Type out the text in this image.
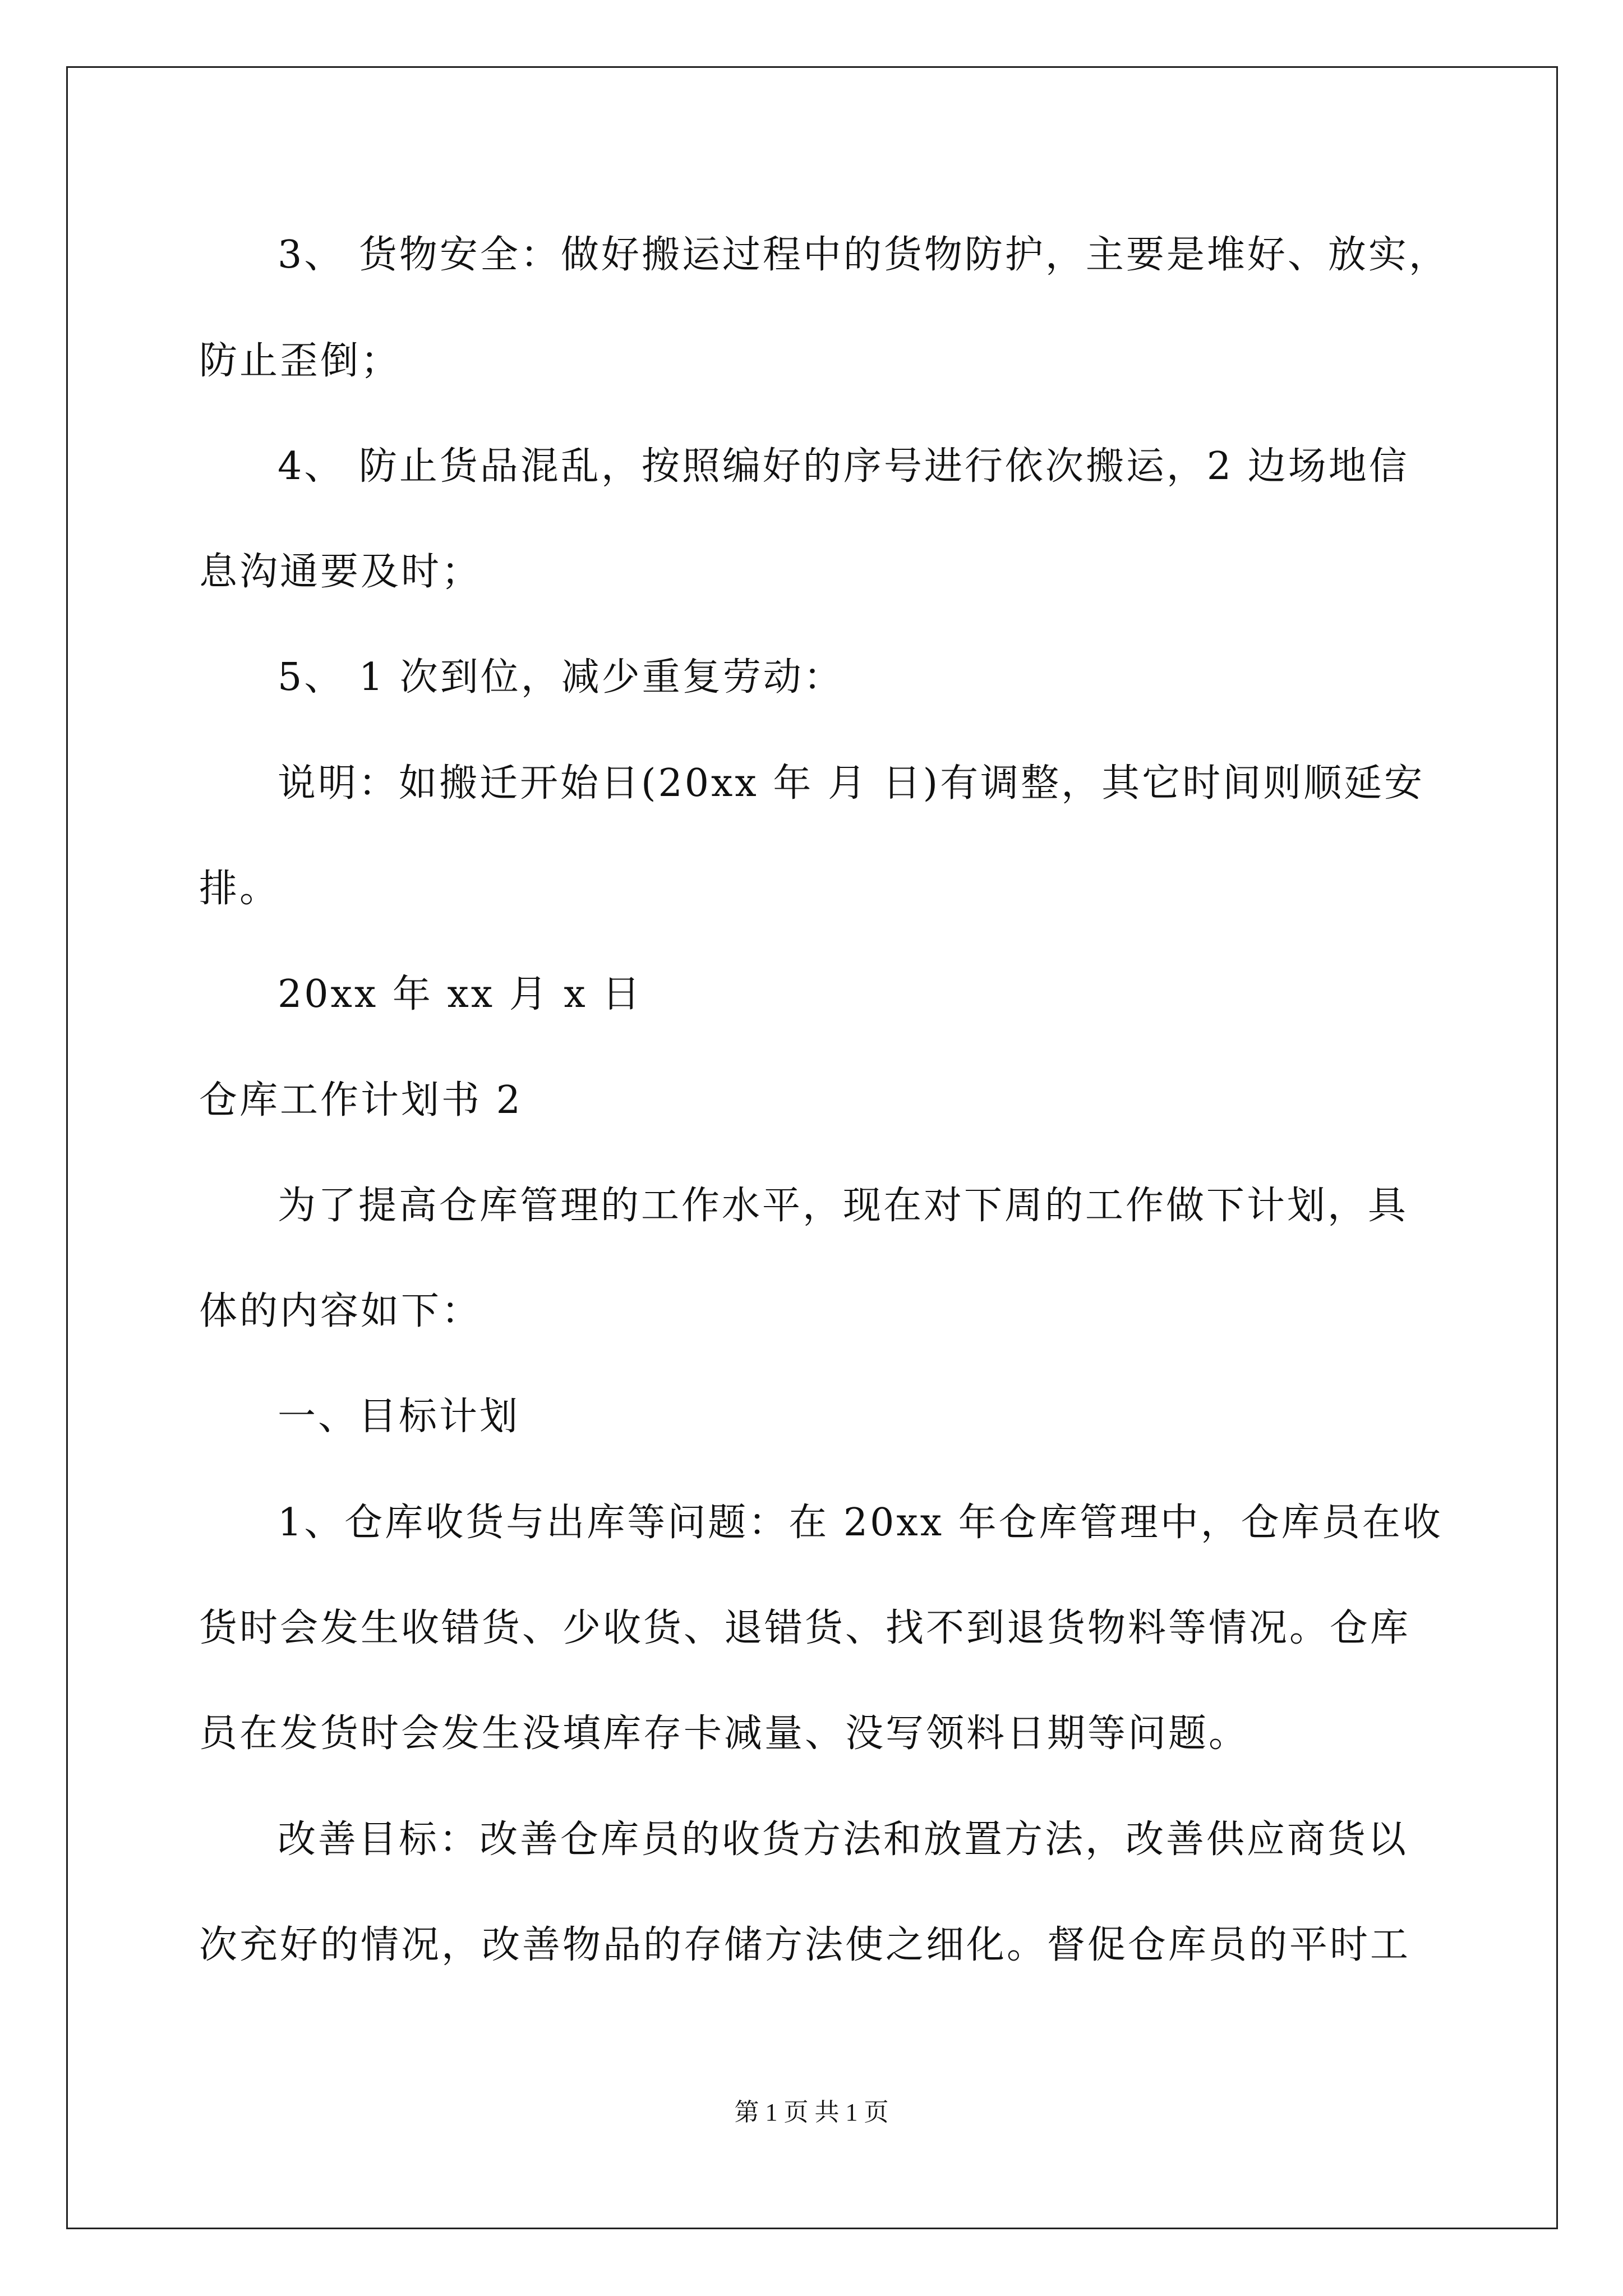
3、 货物安全：做好搬运过程中的货物防护，主要是堆好、放实，
防止歪倒；
4、 防止货品混乱，按照编好的序号进行依次搬运，2 边场地信
息沟通要及时；
5、 1 次到位，减少重复劳动：
说明：如搬迁开始日(20xx 年 月 日)有调整，其它时间则顺延安
排。
20xx 年 xx 月 x 日
仓库工作计划书 2
为了提高仓库管理的工作水平，现在对下周的工作做下计划，具
体的内容如下：
一、目标计划
1、仓库收货与出库等问题：在 20xx 年仓库管理中，仓库员在收
货时会发生收错货、少收货、退错货、找不到退货物料等情况。仓库
员在发货时会发生没填库存卡减量、没写领料日期等问题。
改善目标：改善仓库员的收货方法和放置方法，改善供应商货以
次充好的情况，改善物品的存储方法使之细化。督促仓库员的平时工
第 1 页 共 1 页
